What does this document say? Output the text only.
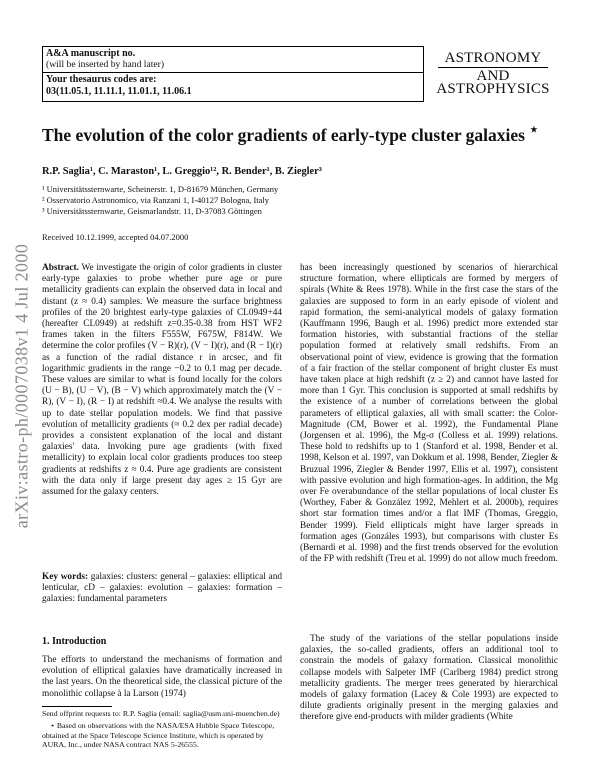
A&A manuscript no.
(will be inserted by hand later)
Your thesaurus codes are:
03(11.05.1, 11.11.1, 11.01.1, 11.06.1
ASTRONOMY
AND
ASTROPHYSICS
arXiv:astro-ph/0007038v1 4 Jul 2000
The evolution of the color gradients of early-type cluster galaxies ⋆
R.P. Saglia¹, C. Maraston¹, L. Greggio¹², R. Bender¹, B. Ziegler³
¹ Universitätssternwarte, Scheinerstr. 1, D-81679 München, Germany
² Osservatorio Astronomico, via Ranzani 1, I-40127 Bologna, Italy
³ Universitätssternwarte, Geismarlandstr. 11, D-37083 Göttingen
Received 10.12.1999, accepted 04.07.2000
Abstract. We investigate the origin of color gradients in cluster early-type galaxies to probe whether pure age or pure metallicity gradients can explain the observed data in local and distant (z ≈ 0.4) samples. We measure the surface brightness profiles of the 20 brightest early-type galaxies of CL0949+44 (hereafter CL0949) at redshift z=0.35-0.38 from HST WF2 frames taken in the filters F555W, F675W, F814W. We determine the color profiles (V − R)(r), (V − I)(r), and (R − I)(r) as a function of the radial distance r in arcsec, and fit logarithmic gradients in the range −0.2 to 0.1 mag per decade. These values are similar to what is found locally for the colors (U − B), (U − V), (B − V) which approximately match the (V − R), (V − I), (R − I) at redshift ≈0.4. We analyse the results with up to date stellar population models. We find that passive evolution of metallicity gradients (≈ 0.2 dex per radial decade) provides a consistent explanation of the local and distant galaxies' data. Invoking pure age gradients (with fixed metallicity) to explain local color gradients produces too steep gradients at redshifts z ≈ 0.4. Pure age gradients are consistent with the data only if large present day ages ≥ 15 Gyr are assumed for the galaxy centers.
Key words: galaxies: clusters: general – galaxies: elliptical and lenticular, cD – galaxies: evolution – galaxies: formation – galaxies: fundamental parameters
1. Introduction
The efforts to understand the mechanisms of formation and evolution of elliptical galaxies have dramatically increased in the last years. On the theoretical side, the classical picture of the monolithic collapse à la Larson (1974)

Send offprint requests to: R.P. Saglia (email: saglia@usm.uni-muenchen.de)

⋆ Based on observations with the NASA/ESA Hubble Space Telescope, obtained at the Space Telescope Science Institute, which is operated by AURA, Inc., under NASA contract NAS 5-26555.

has been increasingly questioned by scenarios of hierarchical structure formation, where ellipticals are formed by mergers of spirals (White & Rees 1978). While in the first case the stars of the galaxies are supposed to form in an early episode of violent and rapid formation, the semi-analytical models of galaxy formation (Kauffmann 1996, Baugh et al. 1996) predict more extended star formation histories, with substantial fractions of the stellar population formed at relatively small redshifts. From an observational point of view, evidence is growing that the formation of a fair fraction of the stellar component of bright cluster Es must have taken place at high redshift (z ≥ 2) and cannot have lasted for more than 1 Gyr. This conclusion is supported at small redshifts by the existence of a number of correlations between the global parameters of elliptical galaxies, all with small scatter: the Color-Magnitude (CM, Bower et al. 1992), the Fundamental Plane (Jorgensen et al. 1996), the Mg-σ (Colless et al. 1999) relations. These hold to redshifts up to 1 (Stanford et al. 1998, Bender et al. 1998, Kelson et al. 1997, van Dokkum et al. 1998, Bender, Ziegler & Bruzual 1996, Ziegler & Bender 1997, Ellis et al. 1997), consistent with passive evolution and high formation-ages. In addition, the Mg over Fe overabundance of the stellar populations of local cluster Es (Worthey, Faber & González 1992, Mehlert et al. 2000b), requires short star formation times and/or a flat IMF (Thomas, Greggio, Bender 1999). Field ellipticals might have larger spreads in formation ages (Gonzáles 1993), but comparisons with cluster Es (Bernardi et al. 1998) and the first trends observed for the evolution of the FP with redshift (Treu et al. 1999) do not allow much freedom.
The study of the variations of the stellar populations inside galaxies, the so-called gradients, offers an additional tool to constrain the models of galaxy formation. Classical monolithic collapse models with Salpeter IMF (Carlberg 1984) predict strong metallicity gradients. The merger trees generated by hierarchical models of galaxy formation (Lacey & Cole 1993) are expected to dilute gradients originally present in the merging galaxies and therefore give end-products with milder gradients (White
